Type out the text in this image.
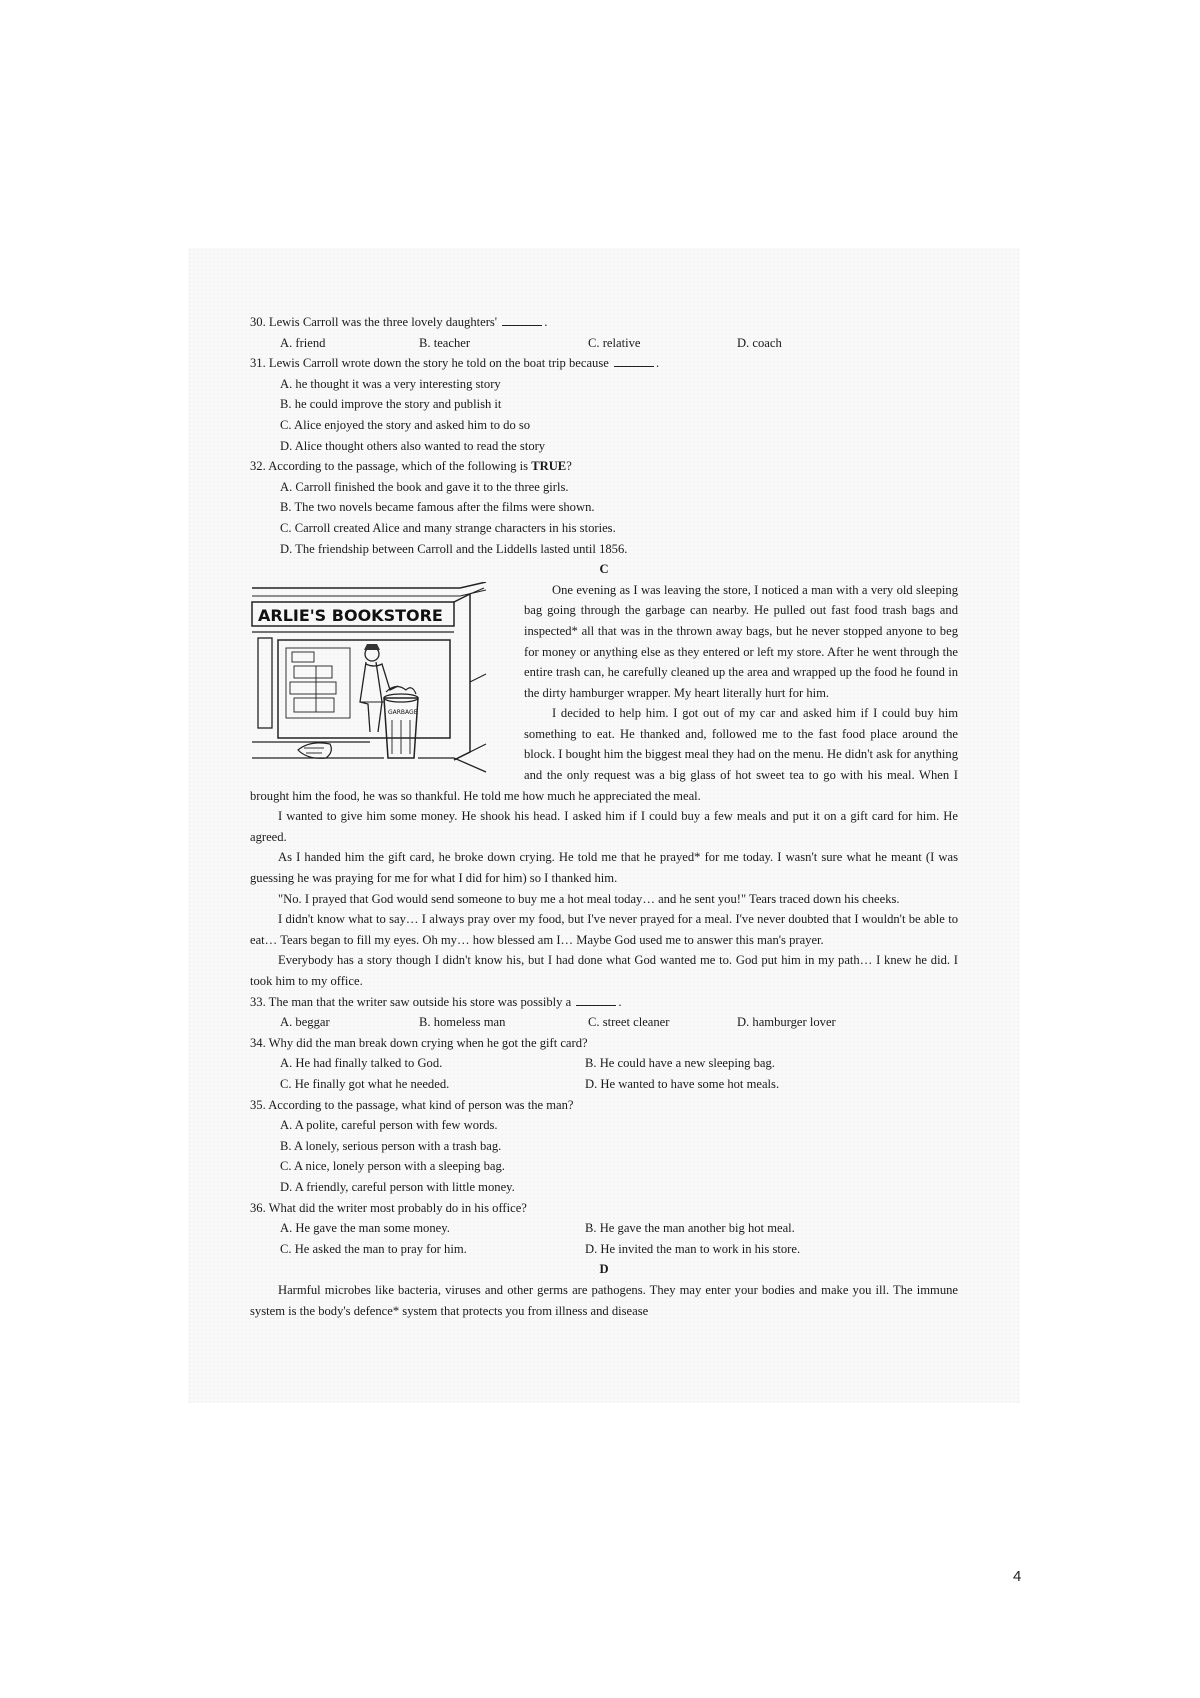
30. Lewis Carroll was the three lovely daughters'	.
A. friend	B. teacher	C. relative	D. coach
31. Lewis Carroll wrote down the story he told on the boat trip because	.
A. he thought it was a very interesting story
B. he could improve the story and publish it
C. Alice enjoyed the story and asked him to do so
D. Alice thought others also wanted to read the story
32. According to the passage, which of the following is TRUE?
A. Carroll finished the book and gave it to the three girls.
B. The two novels became famous after the films were shown.
C. Carroll created Alice and many strange characters in his stories.
D. The friendship between Carroll and the Liddells lasted until 1856.
C
ARLIE'S BOOKSTORE
GARBAGE
One evening as I was leaving the store, I noticed a man with a very old sleeping bag going through the garbage can nearby. He pulled out fast food trash bags and inspected* all that was in the thrown away bags, but he never stopped anyone to beg for money or anything else as they entered or left my store. After he went through the entire trash can, he carefully cleaned up the area and wrapped up the food he found in the dirty hamburger wrapper. My heart literally hurt for him.
I decided to help him. I got out of my car and asked him if I could buy him something to eat. He thanked and, followed me to the fast food place around the block. I bought him the biggest meal they had on the menu. He didn't ask for anything and the only request was a big glass of hot sweet tea to go with his meal. When I brought him the food, he was so thankful. He told me how much he appreciated the meal.
I wanted to give him some money. He shook his head. I asked him if I could buy a few meals and put it on a gift card for him. He agreed.
As I handed him the gift card, he broke down crying. He told me that he prayed* for me today. I wasn't sure what he meant (I was guessing he was praying for me for what I did for him) so I thanked him.
"No. I prayed that God would send someone to buy me a hot meal today… and he sent you!" Tears traced down his cheeks.
I didn't know what to say… I always pray over my food, but I've never prayed for a meal. I've never doubted that I wouldn't be able to eat… Tears began to fill my eyes. Oh my… how blessed am I… Maybe God used me to answer this man's prayer.
Everybody has a story though I didn't know his, but I had done what God wanted me to. God put him in my path… I knew he did. I took him to my office.
33. The man that the writer saw outside his store was possibly a	.
A. beggar	B. homeless man	C. street cleaner	D. hamburger lover
34. Why did the man break down crying when he got the gift card?
A. He had finally talked to God.	B. He could have a new sleeping bag.
C. He finally got what he needed.	D. He wanted to have some hot meals.
35. According to the passage, what kind of person was the man?
A. A polite, careful person with few words.
B. A lonely, serious person with a trash bag.
C. A nice, lonely person with a sleeping bag.
D. A friendly, careful person with little money.
36. What did the writer most probably do in his office?
A. He gave the man some money.	B. He gave the man another big hot meal.
C. He asked the man to pray for him.	D. He invited the man to work in his store.
D
Harmful microbes like bacteria, viruses and other germs are pathogens. They may enter your bodies and make you ill. The immune system is the body's defence* system that protects you from illness and disease
4
